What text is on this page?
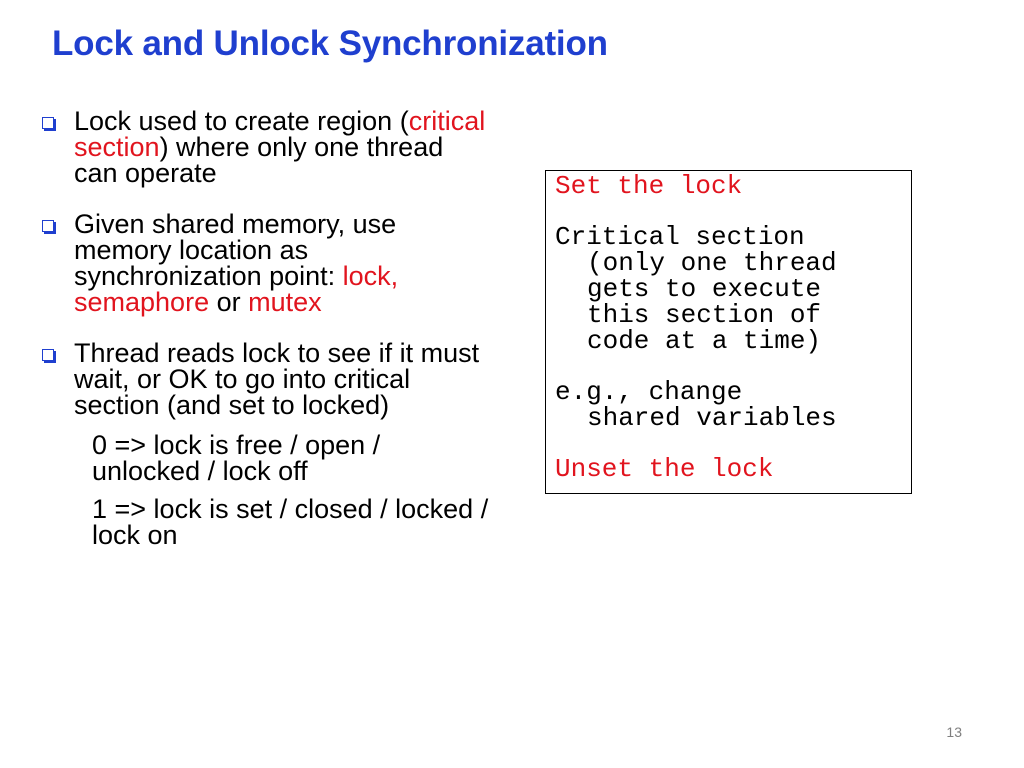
Lock and Unlock Synchronization
Lock used to create region (critical section) where only one thread can operate
Given shared memory, use memory location as synchronization point: lock, semaphore or mutex
Thread reads lock to see if it must wait, or OK to go into critical section (and set to locked)
0 => lock is free / open / unlocked / lock off
1 => lock is set / closed / locked / lock on

Set the lock

Critical section

(only one thread

gets to execute

this section of

code at a time)

e.g., change

shared variables

Unset the lock

13
